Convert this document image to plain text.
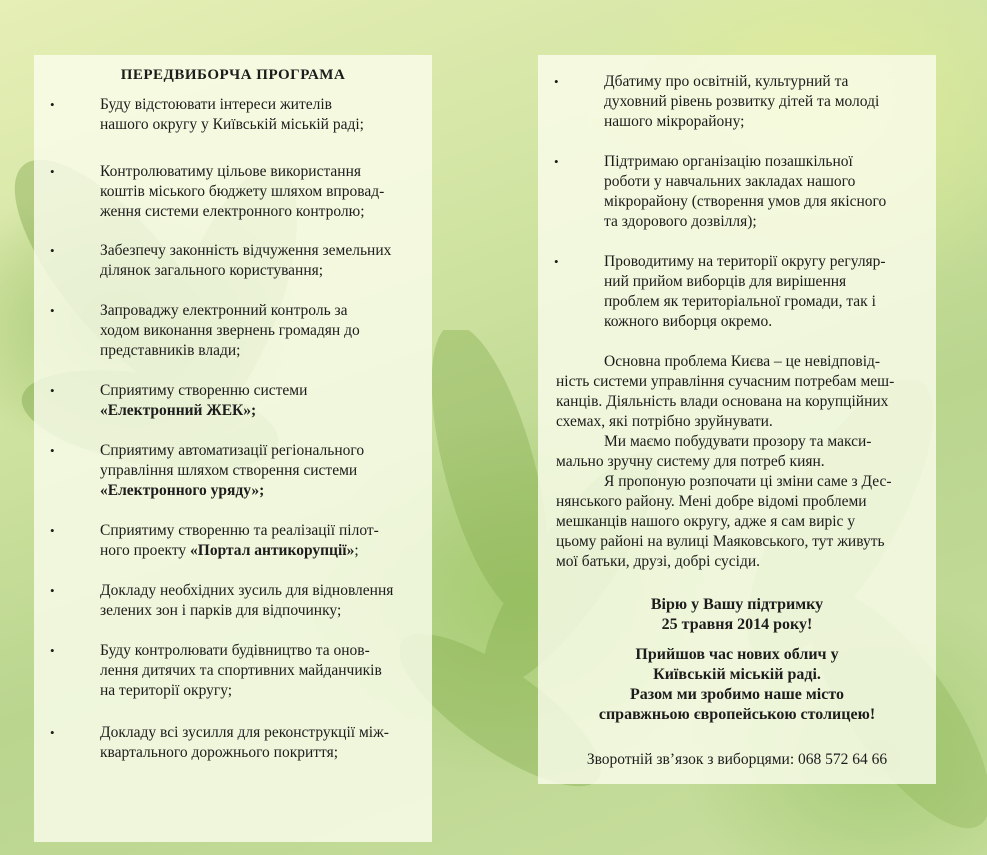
ПЕРЕДВИБОРЧА ПРОГРАМА
•	Буду відстоювати інтереси жителів
нашого округу у Київській міській раді;
•	Контролюватиму цільове використання
коштів міського бюджету шляхом впровад-
ження системи електронного контролю;
•	Забезпечу законність відчуження земельних
ділянок загального користування;
•	Запроваджу електронний контроль за
ходом виконання звернень громадян до
представників влади;
•	Сприятиму створенню системи
«Електронний ЖЕК»;
•	Сприятиму автоматизації регіонального
управління шляхом створення системи
«Електронного уряду»;
•	Сприятиму створенню та реалізації пілот-
ного проекту «Портал антикорупції»;
•	Докладу необхідних зусиль для відновлення
зелених зон і парків для відпочинку;
•	Буду контролювати будівництво та онов-
лення дитячих та спортивних майданчиків
на території округу;
•	Докладу всі зусилля для реконструкції між-
квартального дорожнього покриття;
•	Дбатиму про освітній, культурний та
духовний рівень розвитку дітей та молоді
нашого мікрорайону;
•	Підтримаю організацію позашкільної
роботи у навчальних закладах нашого
мікрорайону (створення умов для якісного
та здорового дозвілля);
•	Проводитиму на території округу регуляр-
ний прийом виборців для вирішення
проблем як територіальної громади, так і
кожного виборця окремо.
Основна проблема Києва – це невідповід-
ність системи управління сучасним потребам меш-
канців. Діяльність влади основана на корупційних
схемах, які потрібно зруйнувати.
Ми маємо побудувати прозору та макси-
мально зручну систему для потреб киян.
Я пропоную розпочати ці зміни саме з Дес-
нянського району. Мені добре відомі проблеми
мешканців нашого округу, адже я сам виріс у
цьому районі на вулиці Маяковського, тут живуть
мої батьки, друзі, добрі сусіди.
Вірю у Вашу підтримку
25 травня 2014 року!
Прийшов час нових облич у
Київській міській раді.
Разом ми зробимо наше місто
справжньою європейською столицею!
Зворотній зв’язок з виборцями: 068 572 64 66
